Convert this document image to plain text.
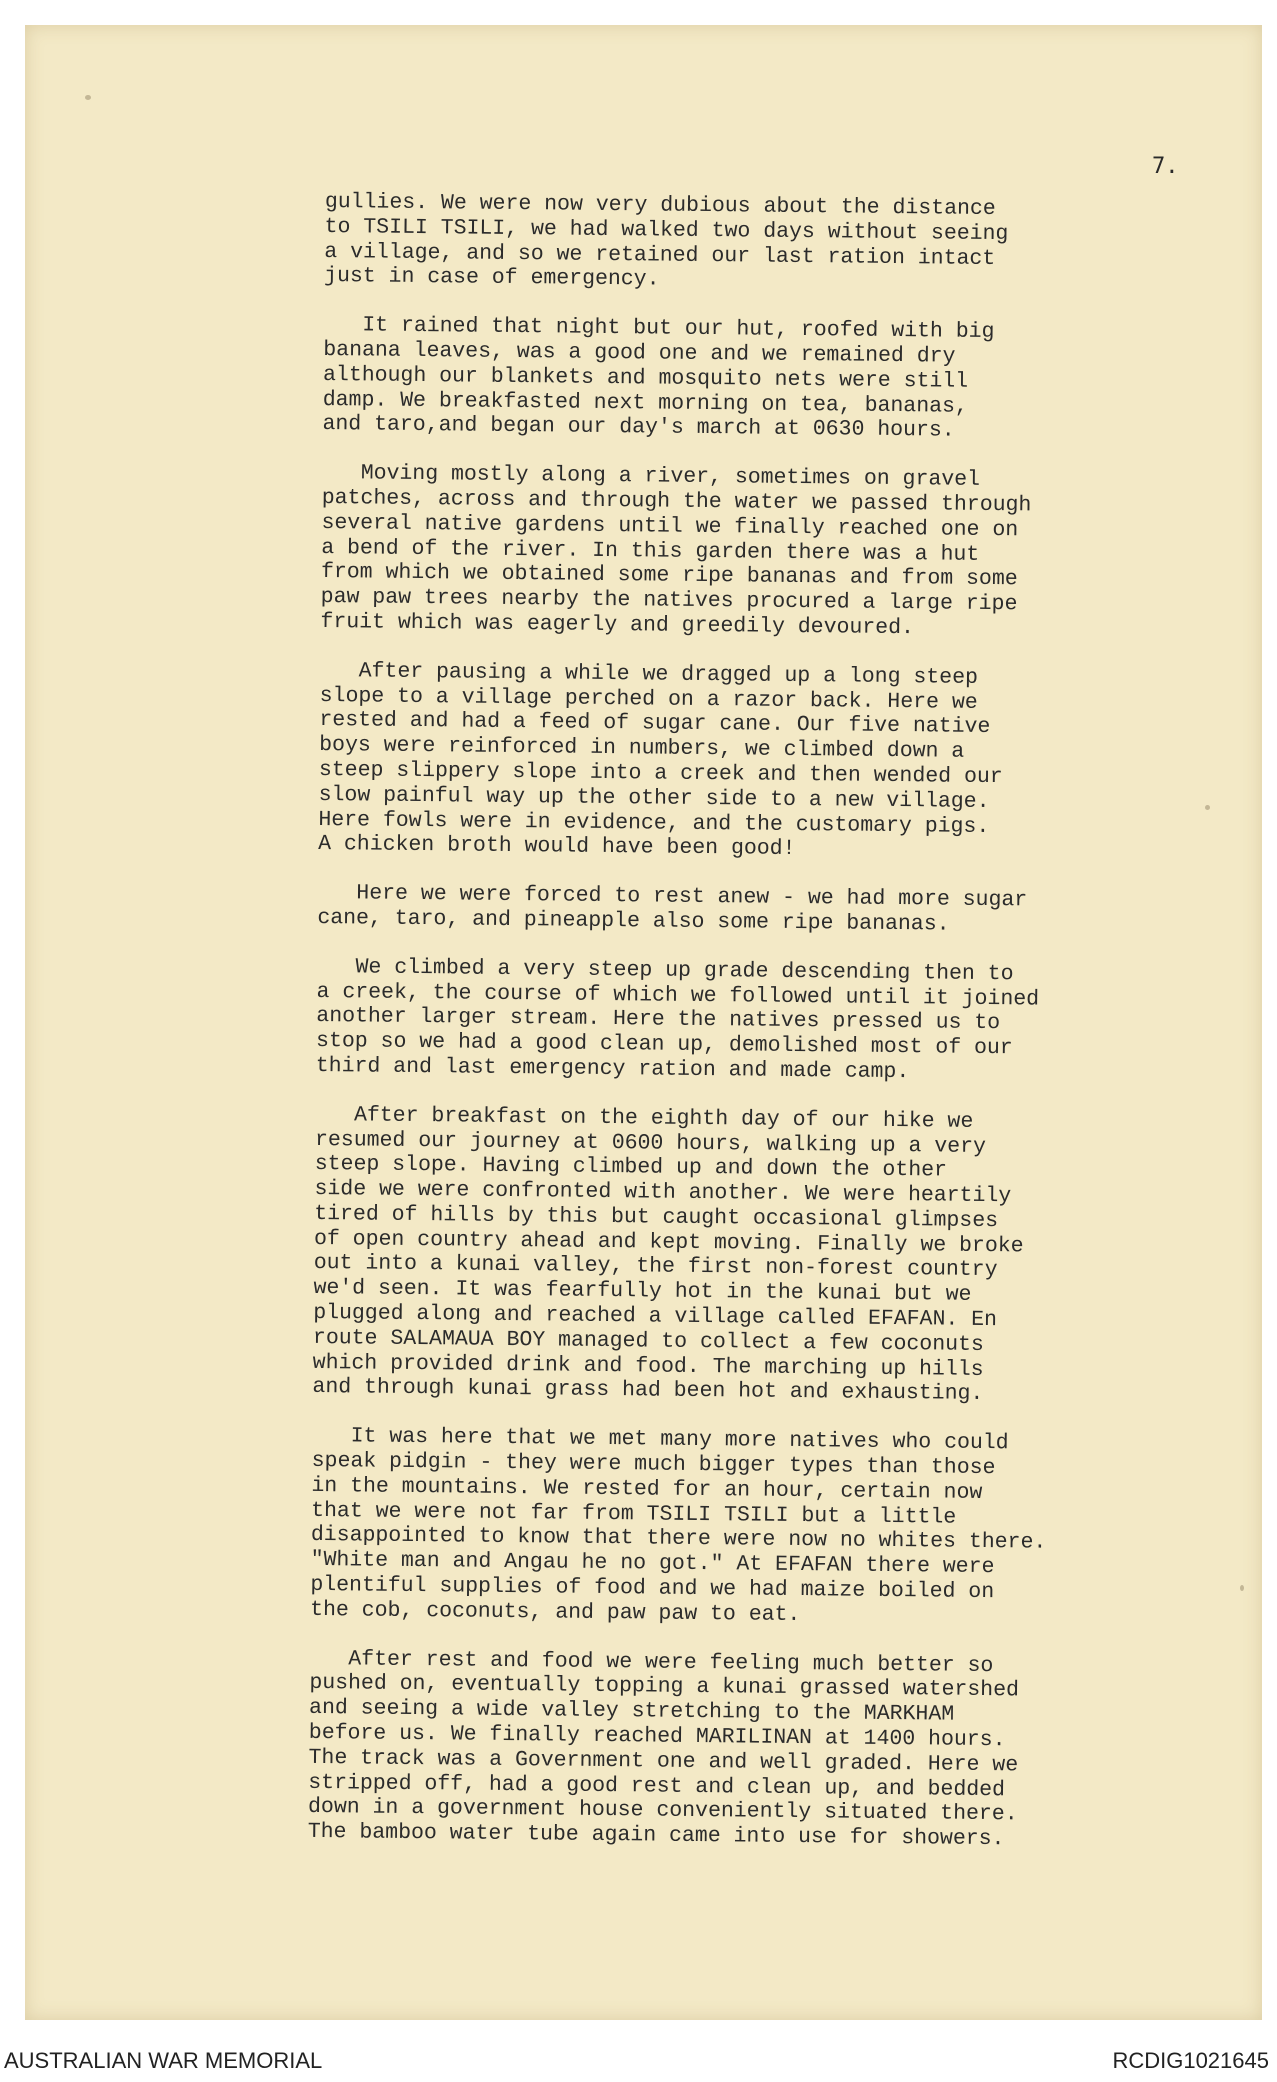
7.

gullies. We were now very dubious about the distance
to TSILI TSILI, we had walked two days without seeing
a village, and so we retained our last ration intact
just in case of emergency.

It rained that night but our hut, roofed with big
banana leaves, was a good one and we remained dry
although our blankets and mosquito nets were still
damp. We breakfasted next morning on tea, bananas,
and taro,and began our day's march at 0630 hours.

Moving mostly along a river, sometimes on gravel
patches, across and through the water we passed through
several native gardens until we finally reached one on
a bend of the river. In this garden there was a hut
from which we obtained some ripe bananas and from some
paw paw trees nearby the natives procured a large ripe
fruit which was eagerly and greedily devoured.

After pausing a while we dragged up a long steep
slope to a village perched on a razor back. Here we
rested and had a feed of sugar cane. Our five native
boys were reinforced in numbers, we climbed down a
steep slippery slope into a creek and then wended our
slow painful way up the other side to a new village.
Here fowls were in evidence, and the customary pigs.
A chicken broth would have been good!

Here we were forced to rest anew - we had more sugar
cane, taro, and pineapple also some ripe bananas.

We climbed a very steep up grade descending then to
a creek, the course of which we followed until it joined
another larger stream. Here the natives pressed us to
stop so we had a good clean up, demolished most of our
third and last emergency ration and made camp.

After breakfast on the eighth day of our hike we
resumed our journey at 0600 hours, walking up a very
steep slope. Having climbed up and down the other
side we were confronted with another. We were heartily
tired of hills by this but caught occasional glimpses
of open country ahead and kept moving. Finally we broke
out into a kunai valley, the first non-forest country
we'd seen. It was fearfully hot in the kunai but we
plugged along and reached a village called EFAFAN. En
route SALAMAUA BOY managed to collect a few coconuts
which provided drink and food. The marching up hills
and through kunai grass had been hot and exhausting.

It was here that we met many more natives who could
speak pidgin - they were much bigger types than those
in the mountains. We rested for an hour, certain now
that we were not far from TSILI TSILI but a little
disappointed to know that there were now no whites there.
"White man and Angau he no got." At EFAFAN there were
plentiful supplies of food and we had maize boiled on
the cob, coconuts, and paw paw to eat.

After rest and food we were feeling much better so
pushed on, eventually topping a kunai grassed watershed
and seeing a wide valley stretching to the MARKHAM
before us. We finally reached MARILINAN at 1400 hours.
The track was a Government one and well graded. Here we
stripped off, had a good rest and clean up, and bedded
down in a government house conveniently situated there.
The bamboo water tube again came into use for showers.

AUSTRALIAN WAR MEMORIAL	RCDIG1021645
